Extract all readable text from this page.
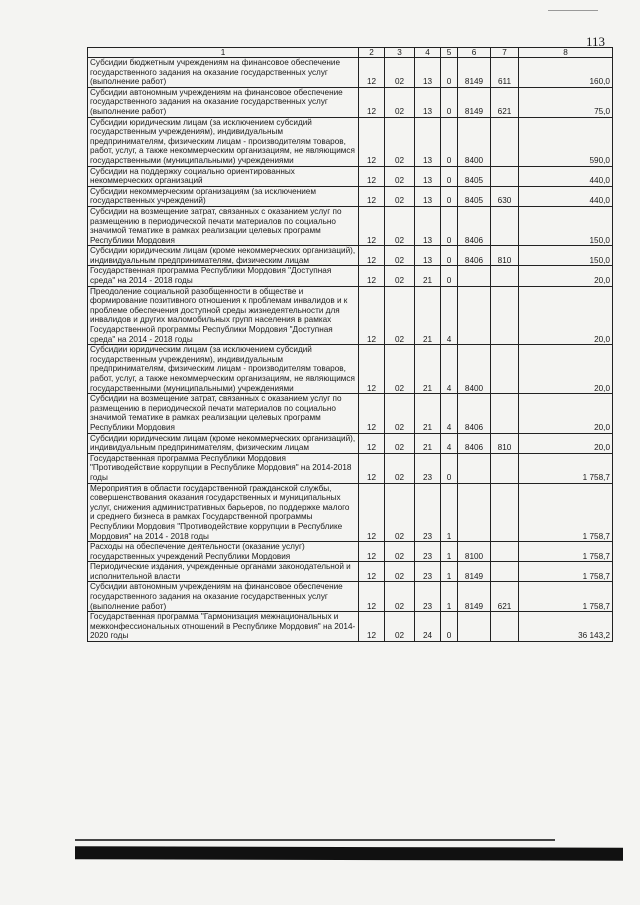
113
1	2	3	4	5	6	7	8
Субсидии бюджетным учреждениям на финансовое обеспечение государственного задания на оказание государственных услуг (выполнение работ)	12	02	13	0	8149	611	160,0
Субсидии автономным учреждениям на финансовое обеспечение государственного задания на оказание государственных услуг (выполнение работ)	12	02	13	0	8149	621	75,0
Субсидии юридическим лицам (за исключением субсидий государственным учреждениям), индивидуальным предпринимателям, физическим лицам - производителям товаров, работ, услуг, а также некоммерческим организациям, не являющимся государственными (муниципальными) учреждениями	12	02	13	0	8400		590,0
Субсидии на поддержку социально ориентированных некоммерческих организаций	12	02	13	0	8405		440,0
Субсидии некоммерческим организациям (за исключением государственных учреждений)	12	02	13	0	8405	630	440,0
Субсидии на возмещение затрат, связанных с оказанием услуг по размещению в периодической печати материалов по социально значимой тематике в рамках реализации целевых программ Республики Мордовия	12	02	13	0	8406		150,0
Субсидии юридическим лицам (кроме некоммерческих организаций), индивидуальным предпринимателям, физическим лицам	12	02	13	0	8406	810	150,0
Государственная программа Республики Мордовия "Доступная среда" на 2014 - 2018 годы	12	02	21	0			20,0
Преодоление социальной разобщенности в обществе и формирование позитивного отношения к проблемам инвалидов и к проблеме обеспечения доступной среды жизнедеятельности для инвалидов и других маломобильных групп населения в рамках Государственной программы Республики Мордовия "Доступная среда" на 2014 - 2018 годы	12	02	21	4			20,0
Субсидии юридическим лицам (за исключением субсидий государственным учреждениям), индивидуальным предпринимателям, физическим лицам - производителям товаров, работ, услуг, а также некоммерческим организациям, не являющимся государственными (муниципальными) учреждениями	12	02	21	4	8400		20,0
Субсидии на возмещение затрат, связанных с оказанием услуг по размещению в периодической печати материалов по социально значимой тематике в рамках реализации целевых программ Республики Мордовия	12	02	21	4	8406		20,0
Субсидии юридическим лицам (кроме некоммерческих организаций), индивидуальным предпринимателям, физическим лицам	12	02	21	4	8406	810	20,0
Государственная программа Республики Мордовия "Противодействие коррупции в Республике Мордовия" на 2014-2018 годы	12	02	23	0			1 758,7
Мероприятия в области государственной гражданской службы, совершенствования оказания государственных и муниципальных услуг, снижения административных барьеров, по поддержке малого и среднего бизнеса в рамках Государственной программы Республики Мордовия "Противодействие коррупции в Республике Мордовия" на 2014 - 2018 годы	12	02	23	1			1 758,7
Расходы на обеспечение деятельности (оказание услуг) государственных учреждений Республики Мордовия	12	02	23	1	8100		1 758,7
Периодические издания, учрежденные органами законодательной и исполнительной власти	12	02	23	1	8149		1 758,7
Субсидии автономным учреждениям на финансовое обеспечение государственного задания на оказание государственных услуг (выполнение работ)	12	02	23	1	8149	621	1 758,7
Государственная программа "Гармонизация межнациональных и межконфессиональных отношений в Республике Мордовия" на 2014-2020 годы	12	02	24	0			36 143,2
